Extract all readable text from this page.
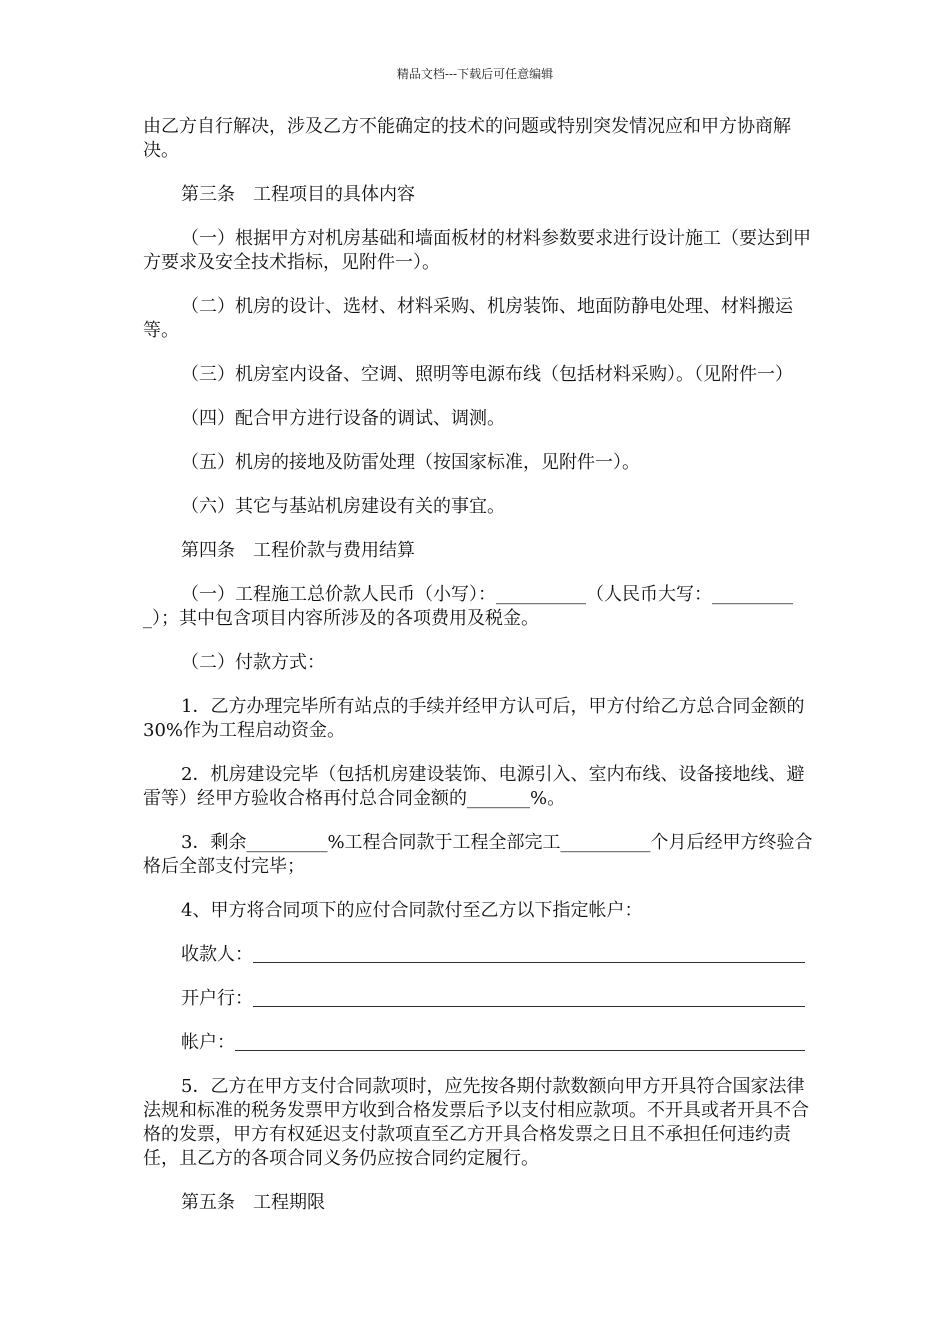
精品文档---下载后可任意编辑

由乙方自行解决，涉及乙方不能确定的技术的问题或特别突发情况应和甲方协商解决。

第三条　工程项目的具体内容

（一）根据甲方对机房基础和墙面板材的材料参数要求进行设计施工（要达到甲方要求及安全技术指标，见附件一）。

（二）机房的设计、选材、材料采购、机房装饰、地面防静电处理、材料搬运等。

（三）机房室内设备、空调、照明等电源布线（包括材料采购）。（见附件一）

（四）配合甲方进行设备的调试、调测。

（五）机房的接地及防雷处理（按国家标准，见附件一）。

（六）其它与基站机房建设有关的事宜。

第四条　工程价款与费用结算

（一）工程施工总价款人民币（小写）：__________（人民币大写：__________）；其中包含项目内容所涉及的各项费用及税金。

（二）付款方式：

1．乙方办理完毕所有站点的手续并经甲方认可后，甲方付给乙方总合同金额的30%作为工程启动资金。

2．机房建设完毕（包括机房建设装饰、电源引入、室内布线、设备接地线、避雷等）经甲方验收合格再付总合同金额的_______%。

3．剩余_________%工程合同款于工程全部完工__________个月后经甲方终验合格后全部支付完毕；

4、甲方将合同项下的应付合同款付至乙方以下指定帐户：

收款人：
开户行：
帐户：

5．乙方在甲方支付合同款项时，应先按各期付款数额向甲方开具符合国家法律法规和标准的税务发票甲方收到合格发票后予以支付相应款项。不开具或者开具不合格的发票，甲方有权延迟支付款项直至乙方开具合格发票之日且不承担任何违约责任，且乙方的各项合同义务仍应按合同约定履行。

第五条　工程期限
